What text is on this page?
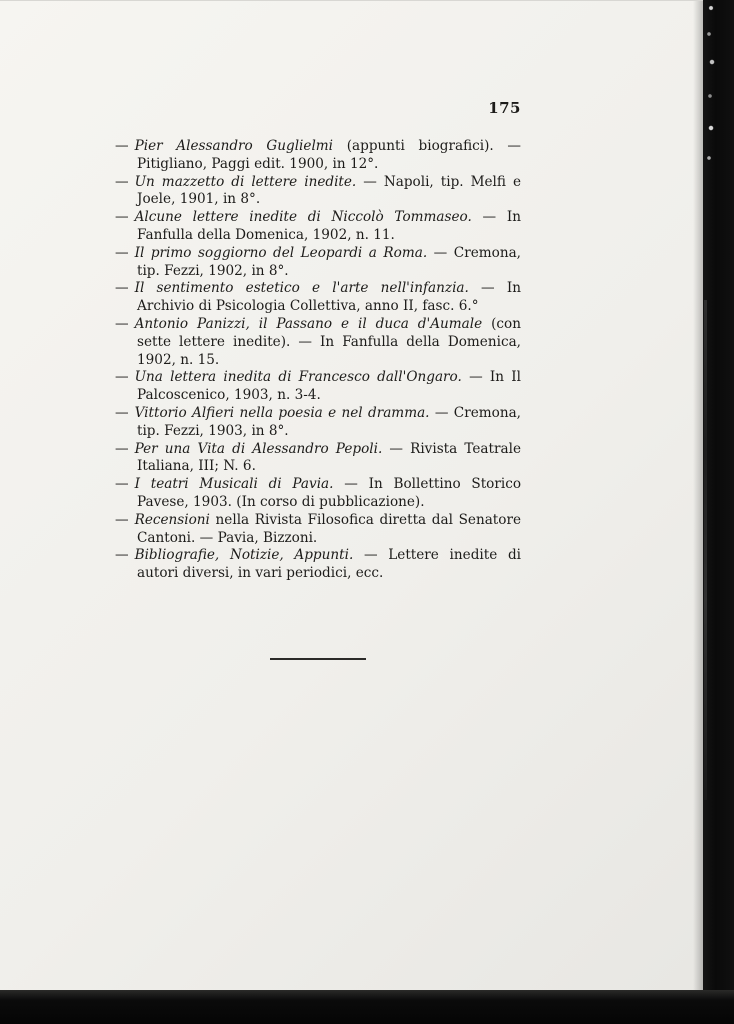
175
— Pier Alessandro Guglielmi (appunti biografici). — Pitigliano, Paggi edit. 1900, in 12°.
— Un mazzetto di lettere inedite. — Napoli, tip. Melfi e Joele, 1901, in 8°.
— Alcune lettere inedite di Niccolò Tommaseo. — In Fanfulla della Domenica, 1902, n. 11.
— Il primo soggiorno del Leopardi a Roma. — Cremona, tip. Fezzi, 1902, in 8°.
— Il sentimento estetico e l'arte nell'infanzia. — In Archivio di Psicologia Collettiva, anno II, fasc. 6.°
— Antonio Panizzi, il Passano e il duca d'Aumale (con sette lettere inedite). — In Fanfulla della Domenica, 1902, n. 15.
— Una lettera inedita di Francesco dall'Ongaro. — In Il Palcoscenico, 1903, n. 3-4.
— Vittorio Alfieri nella poesia e nel dramma. — Cremona, tip. Fezzi, 1903, in 8°.
— Per una Vita di Alessandro Pepoli. — Rivista Teatrale Italiana, III; N. 6.
— I teatri Musicali di Pavia. — In Bollettino Storico Pavese, 1903. (In corso di pubblicazione).
— Recensioni nella Rivista Filosofica diretta dal Senatore Cantoni. — Pavia, Bizzoni.
— Bibliografie, Notizie, Appunti. — Lettere inedite di autori diversi, in vari periodici, ecc.
